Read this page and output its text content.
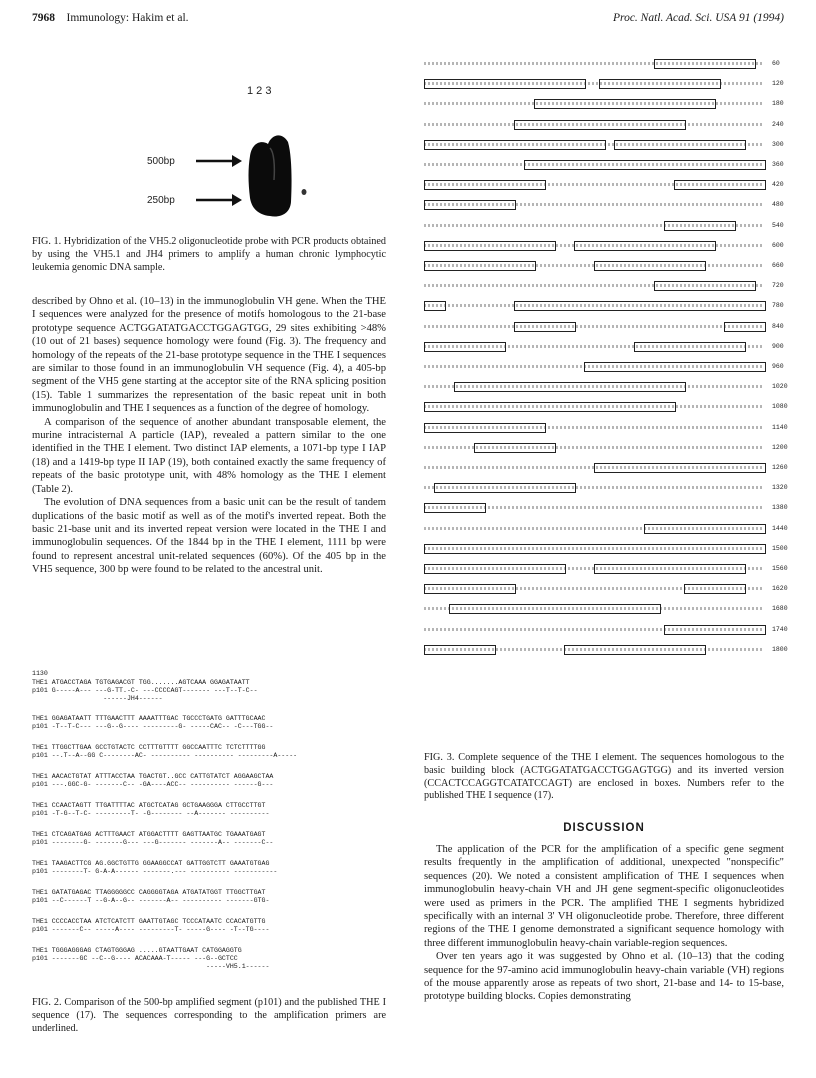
7968 Immunology: Hakim et al.	Proc. Natl. Acad. Sci. USA 91 (1994)
1 2 3
500bp
250bp
FIG. 1. Hybridization of the VH5.2 oligonucleotide probe with PCR products obtained by using the VH5.1 and JH4 primers to amplify a human chronic lymphocytic leukemia genomic DNA sample.

described by Ohno et al. (10–13) in the immunoglobulin VH gene. When the THE I sequences were analyzed for the presence of motifs homologous to the 21-base prototype sequence ACTGGATATGACCTGGAGTGG, 29 sites exhibiting >48% (10 out of 21 bases) sequence homology were found (Fig. 3). The frequency and homology of the repeats of the 21-base prototype sequence in the THE I sequences are similar to those found in an immunoglobulin VH sequence (Fig. 4), a 405-bp segment of the VH5 gene starting at the acceptor site of the RNA splicing position (15). Table 1 summarizes the representation of the basic repeat unit in both immunoglobulin and THE I sequences as a function of the degree of homology.

A comparison of the sequence of another abundant transposable element, the murine intracisternal A particle (IAP), revealed a pattern similar to the one identified in the THE I element. Two distinct IAP elements, a 1071-bp type I IAP (18) and a 1419-bp type II IAP (19), both contained exactly the same frequency of repeats of the basic prototype unit, with 48% homology as the THE I element (Table 2).

The evolution of DNA sequences from a basic unit can be the result of tandem duplications of the basic motif as well as of the motif's inverted repeat. Both the basic 21-base unit and its inverted repeat version were located in the THE I and immunoglobulin sequences. Of the 1844 bp in the THE I element, 1111 bp were found to represent ancestral unit-related sequences (60%). Of the 405 bp in the VH5 sequence, 300 bp were found to be related to the ancestral unit.

1130
THE1 ATGACCTAGA TGTGAGACGT TGG.......AGTCAAA GGAGATAATT
p101 G-----A--- ---G-TT.-C- ---CCCCAGT------- ---T--T-C--
------JH4------
THE1 GGAGATAATT TTTGAACTTT AAAATTTGAC TGCCCTGATG GATTTGCAAC
p101 -T--T-C--- ---G--G---- ---------G- -----CAC-- -C---TGG--
THE1 TTGGCTTGAA GCCTGTACTC CCTTTGTTTT GGCCAATTTC TCTCTTTTGG
p101 --.T--A--GG C--------AC- ---------- ---------- ---------A-----
THE1 AACACTGTAT ATTTACCTAA TGACTGT..GCC CATTGTATCT AGGAAGCTAA
p101 ---.GGC-G- -------C-- -GA----ACC-- ---------- ------G---
THE1 CCAACTAGTT TTGATTTTAC ATGCTCATAG GCTGAAGGGA CTTGCCTTGT
p101 -T-G--T-C- ---------T- -G-------- --A------- ----------
THE1 CTCAGATGAG ACTTTGAACT ATGGACTTTT GAGTTAATGC TGAAATGAGT
p101 --------G- -------G--- ---G------- -------A-- -------C--
THE1 TAAGACTTCG AG.GGCTGTTG GGAAGGCCAT GATTGGTCTT GAAATGTGAG
p101 --------T- G-A-A------ -------.--- ---------- -----------
THE1 GATATGAGAC TTAGGGGGCC CAGGGGTAGA ATGATATGGT TTGGCTTGAT
p101 --C------T --G-A--G-- -------A-- ---------- -------GTG-
THE1 CCCCACCTAA ATCTCATCTT GAATTGTAGC TCCCATAATC CCACATGTTG
p101 -------C-- -----A---- ---------T- -----G---- -T--TG----
THE1 TGGGAGGGAG CTAGTGGGAG .....GTAATTGAAT CATGGAGGTG
p101 -------GC --C--G---- ACACAAA-T----- ---G--GCTCC
-----VH5.1------
FIG. 2. Comparison of the 500-bp amplified segment (p101) and the published THE I sequence (17). The sequences corresponding to the amplification primers are underlined.
60
120
180
240
300
360
420
480
540
600
660
720
780
840
900
960
1020
1080
1140
1200
1260
1320
1380
1440
1500
1560
1620
1680
1740
1800
FIG. 3. Complete sequence of the THE I element. The sequences homologous to the basic building block (ACTGGATATGACCTGGAGTGG) and its inverted version (CCACTCCAGGTCATATCCAGT) are enclosed in boxes. Numbers refer to the published THE I sequence (17).
DISCUSSION

The application of the PCR for the amplification of a specific gene segment results frequently in the amplification of additional, unexpected "nonspecific" sequences (20). We noted a consistent amplification of THE I sequences when immunoglobulin heavy-chain VH and JH gene segment-specific oligonucleotides were used as primers in the PCR. The amplified THE I segments hybridized specifically with an internal 3' VH oligonucleotide probe. Therefore, three different regions of the THE I genome demonstrated a significant sequence homology with three different immunoglobulin heavy-chain variable-region sequences.

Over ten years ago it was suggested by Ohno et al. (10–13) that the coding sequence for the 97-amino acid immunoglobulin heavy-chain variable (VH) regions of the mouse apparently arose as repeats of two short, 21-base and 14- to 15-base, prototype building blocks. Copies demonstrating
